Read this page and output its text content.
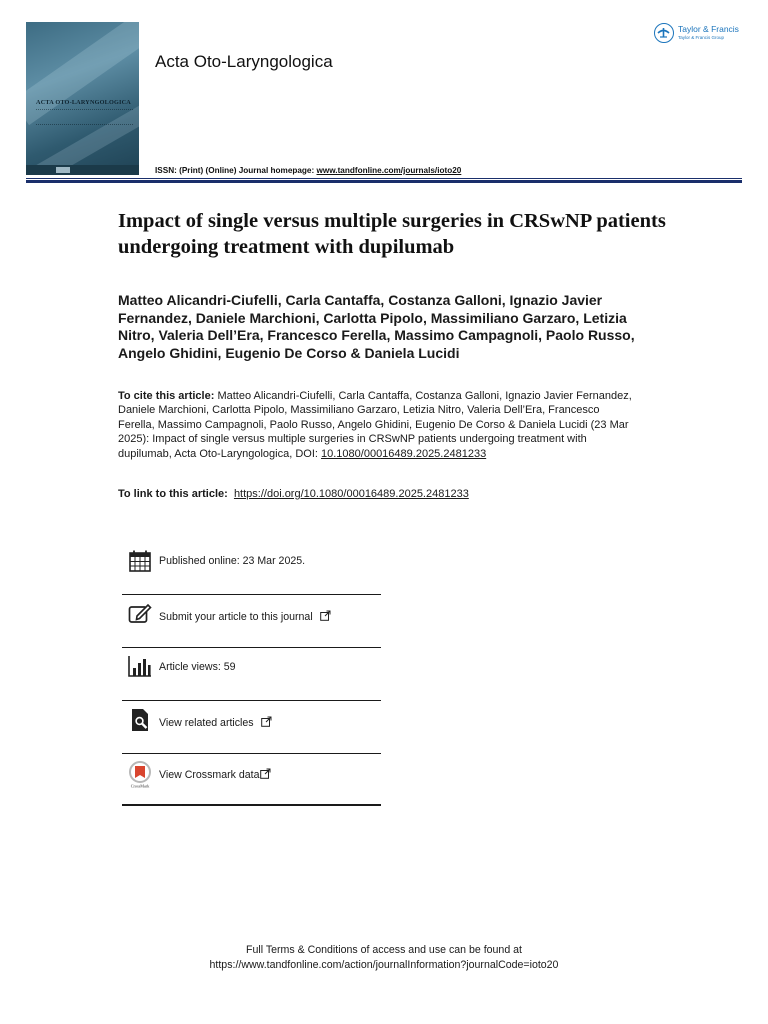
ACTA OTO-LARYNGOLOGICA
Acta Oto-Laryngologica
Taylor & Francis
Taylor & Francis Group
ISSN: (Print) (Online) Journal homepage: www.tandfonline.com/journals/ioto20
Impact of single versus multiple surgeries in CRSwNP patients undergoing treatment with dupilumab
Matteo Alicandri-Ciufelli, Carla Cantaffa, Costanza Galloni, Ignazio Javier Fernandez, Daniele Marchioni, Carlotta Pipolo, Massimiliano Garzaro, Letizia Nitro, Valeria Dell’Era, Francesco Ferella, Massimo Campagnoli, Paolo Russo, Angelo Ghidini, Eugenio De Corso & Daniela Lucidi
To cite this article: Matteo Alicandri-Ciufelli, Carla Cantaffa, Costanza Galloni, Ignazio Javier Fernandez, Daniele Marchioni, Carlotta Pipolo, Massimiliano Garzaro, Letizia Nitro, Valeria Dell’Era, Francesco Ferella, Massimo Campagnoli, Paolo Russo, Angelo Ghidini, Eugenio De Corso & Daniela Lucidi (23 Mar 2025): Impact of single versus multiple surgeries in CRSwNP patients undergoing treatment with dupilumab, Acta Oto-Laryngologica, DOI: 10.1080/00016489.2025.2481233
To link to this article: https://doi.org/10.1080/00016489.2025.2481233
Published online: 23 Mar 2025.
Submit your article to this journal
Article views: 59
View related articles
CrossMark
View Crossmark data
Full Terms & Conditions of access and use can be found at
https://www.tandfonline.com/action/journalInformation?journalCode=ioto20
